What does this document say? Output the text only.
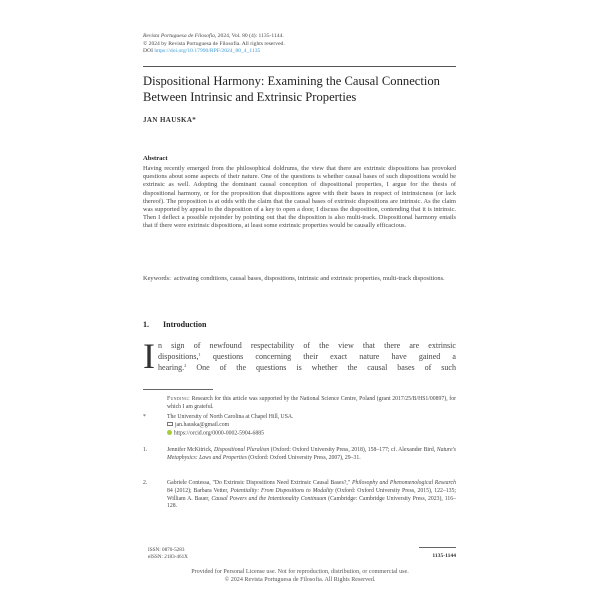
Revista Portuguesa de Filosofia, 2024, Vol. 80 (4): 1135-1144.
© 2024 by Revista Portuguesa de Filosofia. All rights reserved.
DOI https://doi.org/10.17990/RPF/2024_80_4_1135
Dispositional Harmony: Examining the Causal Connection
Between Intrinsic and Extrinsic Properties
JAN HAUSKA*
Abstract
Having recently emerged from the philosophical doldrums, the view that there are extrinsic dispositions has provoked questions about some aspects of their nature. One of the questions is whether causal bases of such dispositions would be extrinsic as well. Adopting the dominant causal conception of dispositional properties, I argue for the thesis of dispositional harmony, or for the proposition that dispositions agree with their bases in respect of intrinsicness (or lack thereof). The proposition is at odds with the claim that the causal bases of extrinsic dispositions are intrinsic. As the claim was supported by appeal to the disposition of a key to open a door, I discuss the disposition, contending that it is intrinsic. Then I deflect a possible rejoinder by pointing out that the disposition is also multi-track. Dispositional harmony entails that if there were extrinsic dispositions, at least some extrinsic properties would be causally efficacious.
Keywords: activating conditions, causal bases, dispositions, intrinsic and extrinsic properties, multi-track dispositions.
1. Introduction
I n sign of newfound respectability of the view that there are extrinsic
dispositions,$^1$ questions concerning their exact nature have gained a
hearing.$^2$ One of the questions is whether the causal bases of such
Funding: Research for this article was supported by the National Science Centre, Poland (grant 2017/25/B/HS1/00897), for which I am grateful.
*	The University of North Carolina at Chapel Hill, USA.
jan.hauska@gmail.com
https://orcid.org/0000-0002-5904-6885
1.	Jennifer McKitrick, Dispositional Pluralism (Oxford: Oxford University Press, 2018), 158–177; cf. Alexander Bird, Nature's Metaphysics: Laws and Properties (Oxford: Oxford University Press, 2007), 29–31.
2.	Gabriele Contessa, "Do Extrinsic Dispositions Need Extrinsic Causal Bases?," Philosophy and Phenomenological Research 84 (2012); Barbara Vetter, Potentiality: From Dispositions to Modality (Oxford: Oxford University Press, 2015), 122–135; William A. Bauer, Causal Powers and the Intentionality Continuum (Cambridge: Cambridge University Press, 2023), 116–128.
ISSN: 0870-5283
eISSN: 2183-461X	1135-1144
Provided for Personal License use. Not for reproduction, distribution, or commercial use.
© 2024 Revista Portuguesa de Filosofia. All Rights Reserved.
